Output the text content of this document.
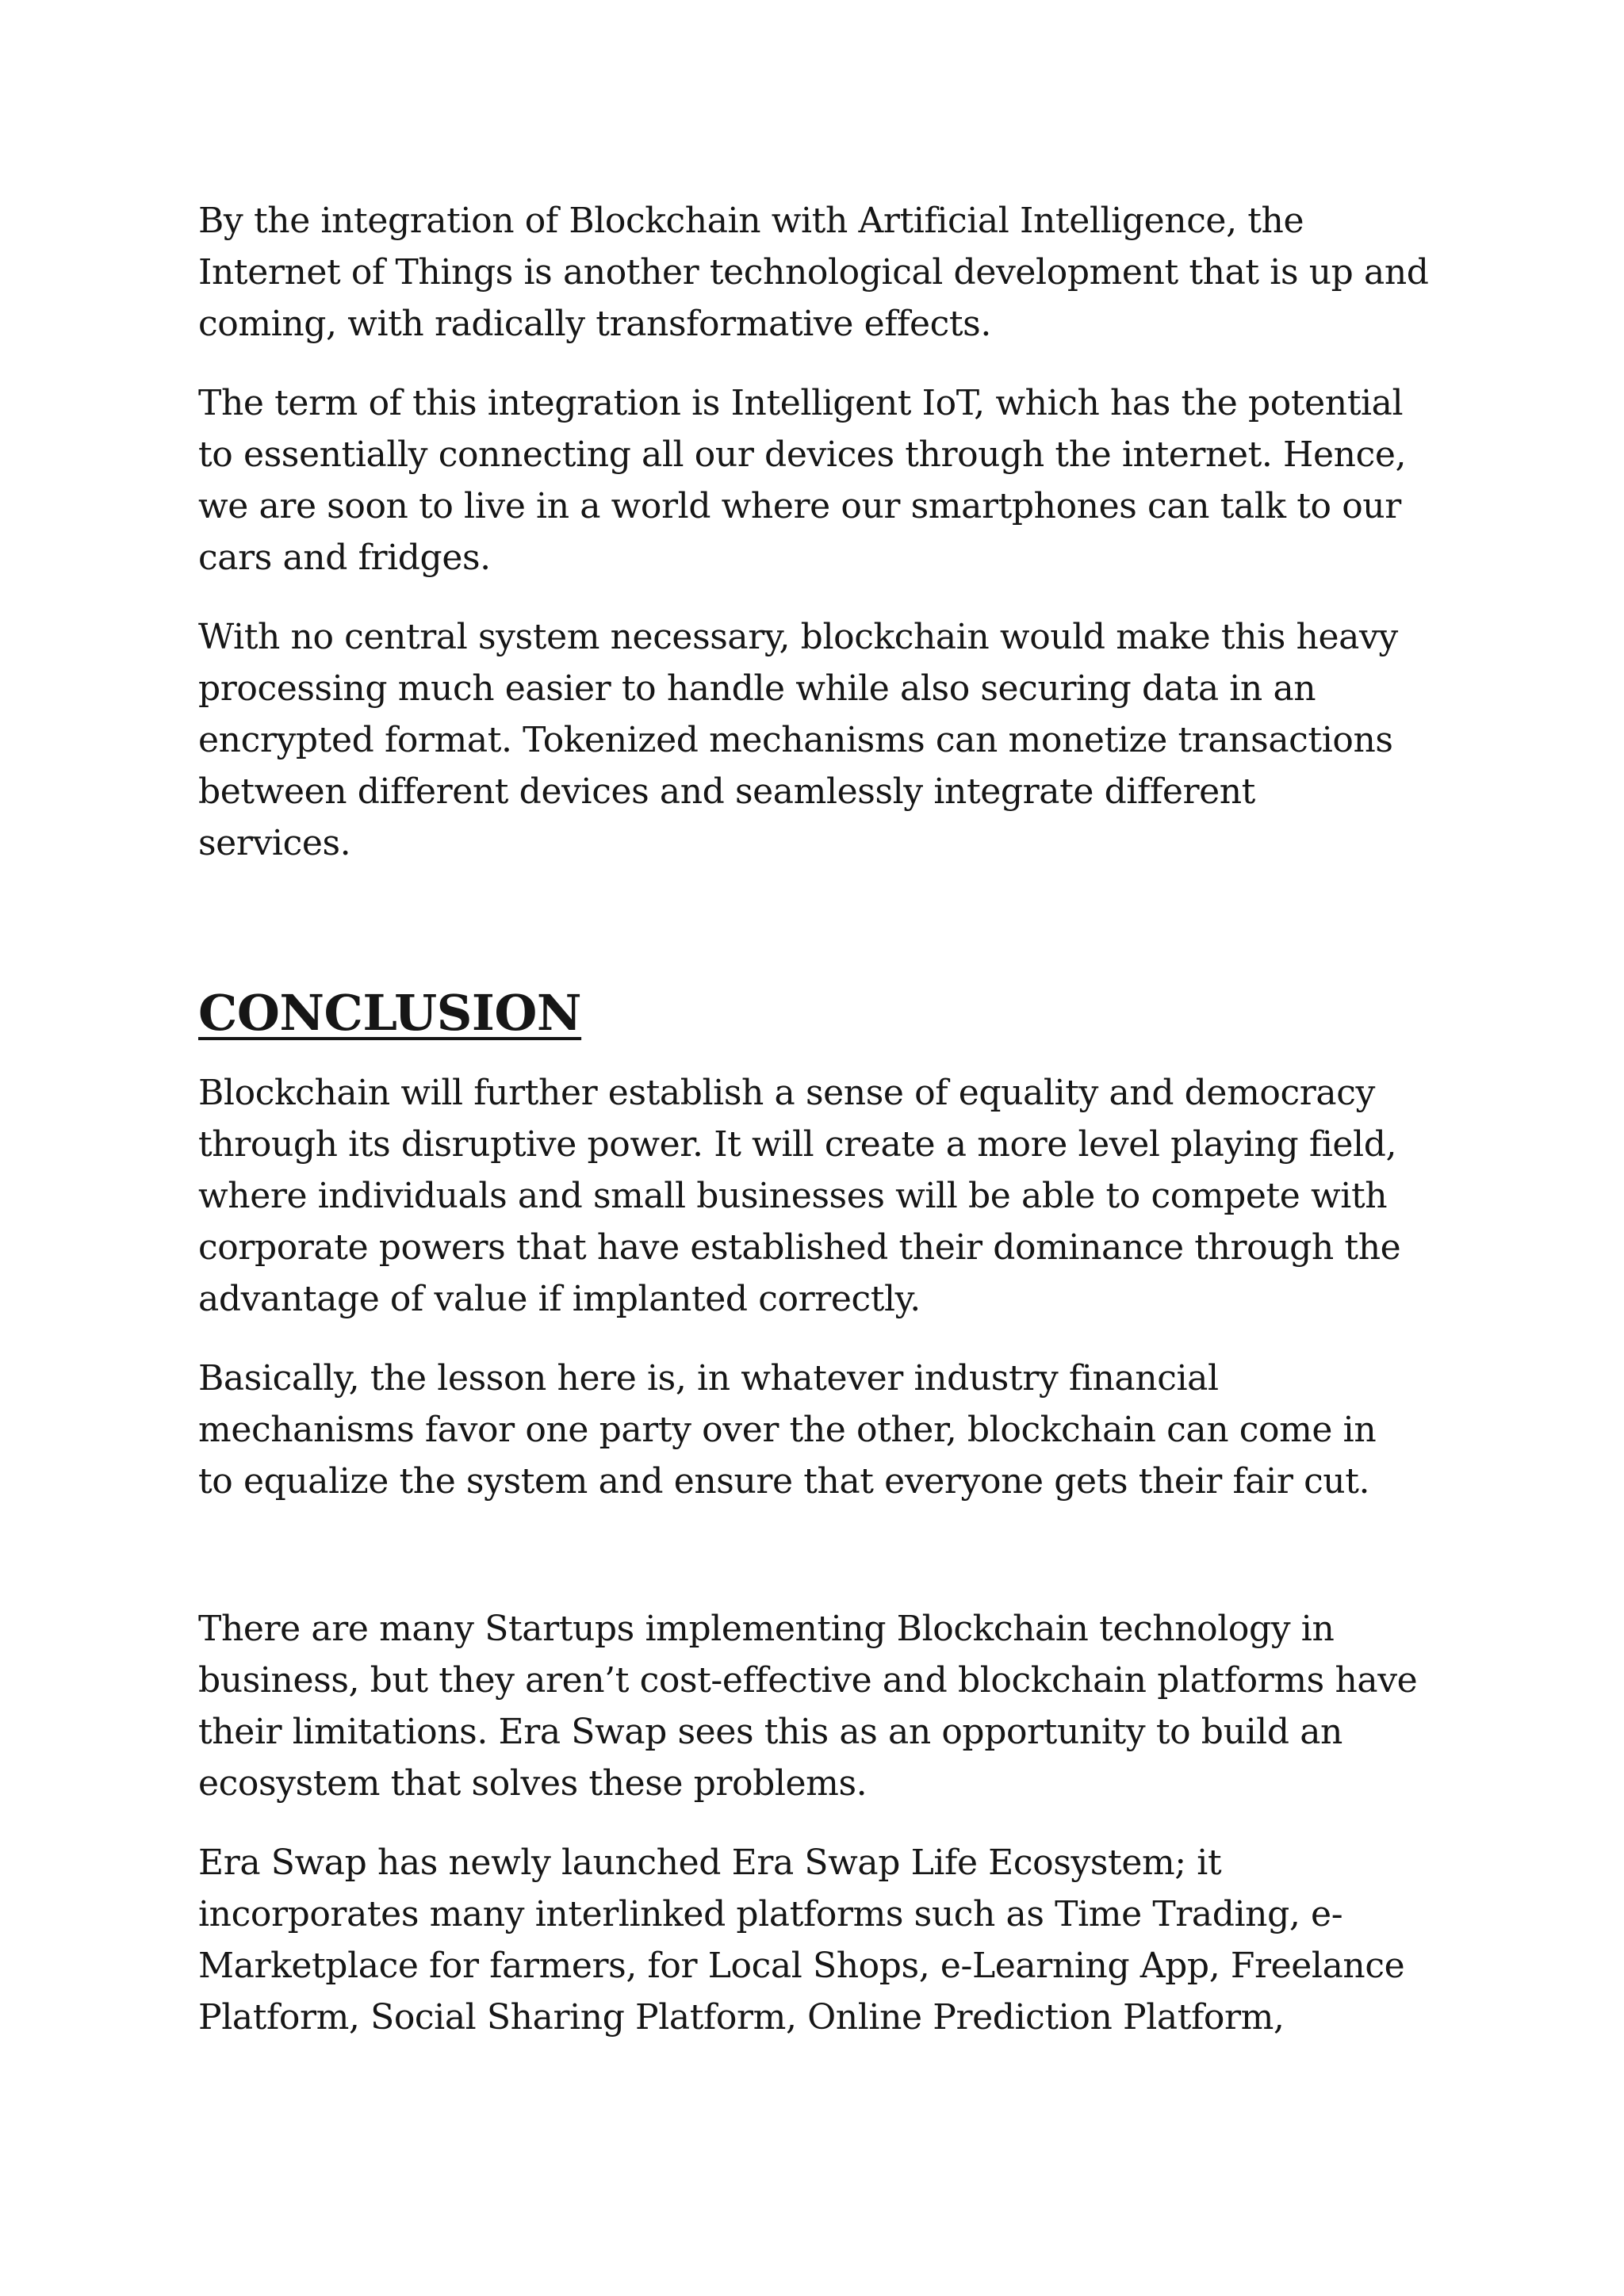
By the integration of Blockchain with Artificial Intelligence, the
Internet of Things is another technological development that is up and
coming, with radically transformative effects.

The term of this integration is Intelligent IoT, which has the potential
to essentially connecting all our devices through the internet. Hence,
we are soon to live in a world where our smartphones can talk to our
cars and fridges.

With no central system necessary, blockchain would make this heavy
processing much easier to handle while also securing data in an
encrypted format. Tokenized mechanisms can monetize transactions
between different devices and seamlessly integrate different
services.

CONCLUSION

Blockchain will further establish a sense of equality and democracy
through its disruptive power. It will create a more level playing field,
where individuals and small businesses will be able to compete with
corporate powers that have established their dominance through the
advantage of value if implanted correctly.

Basically, the lesson here is, in whatever industry financial
mechanisms favor one party over the other, blockchain can come in
to equalize the system and ensure that everyone gets their fair cut.

There are many Startups implementing Blockchain technology in
business, but they aren’t cost-effective and blockchain platforms have
their limitations. Era Swap sees this as an opportunity to build an
ecosystem that solves these problems.

Era Swap has newly launched Era Swap Life Ecosystem; it
incorporates many interlinked platforms such as Time Trading, e-
Marketplace for farmers, for Local Shops, e-Learning App, Freelance
Platform, Social Sharing Platform, Online Prediction Platform,
